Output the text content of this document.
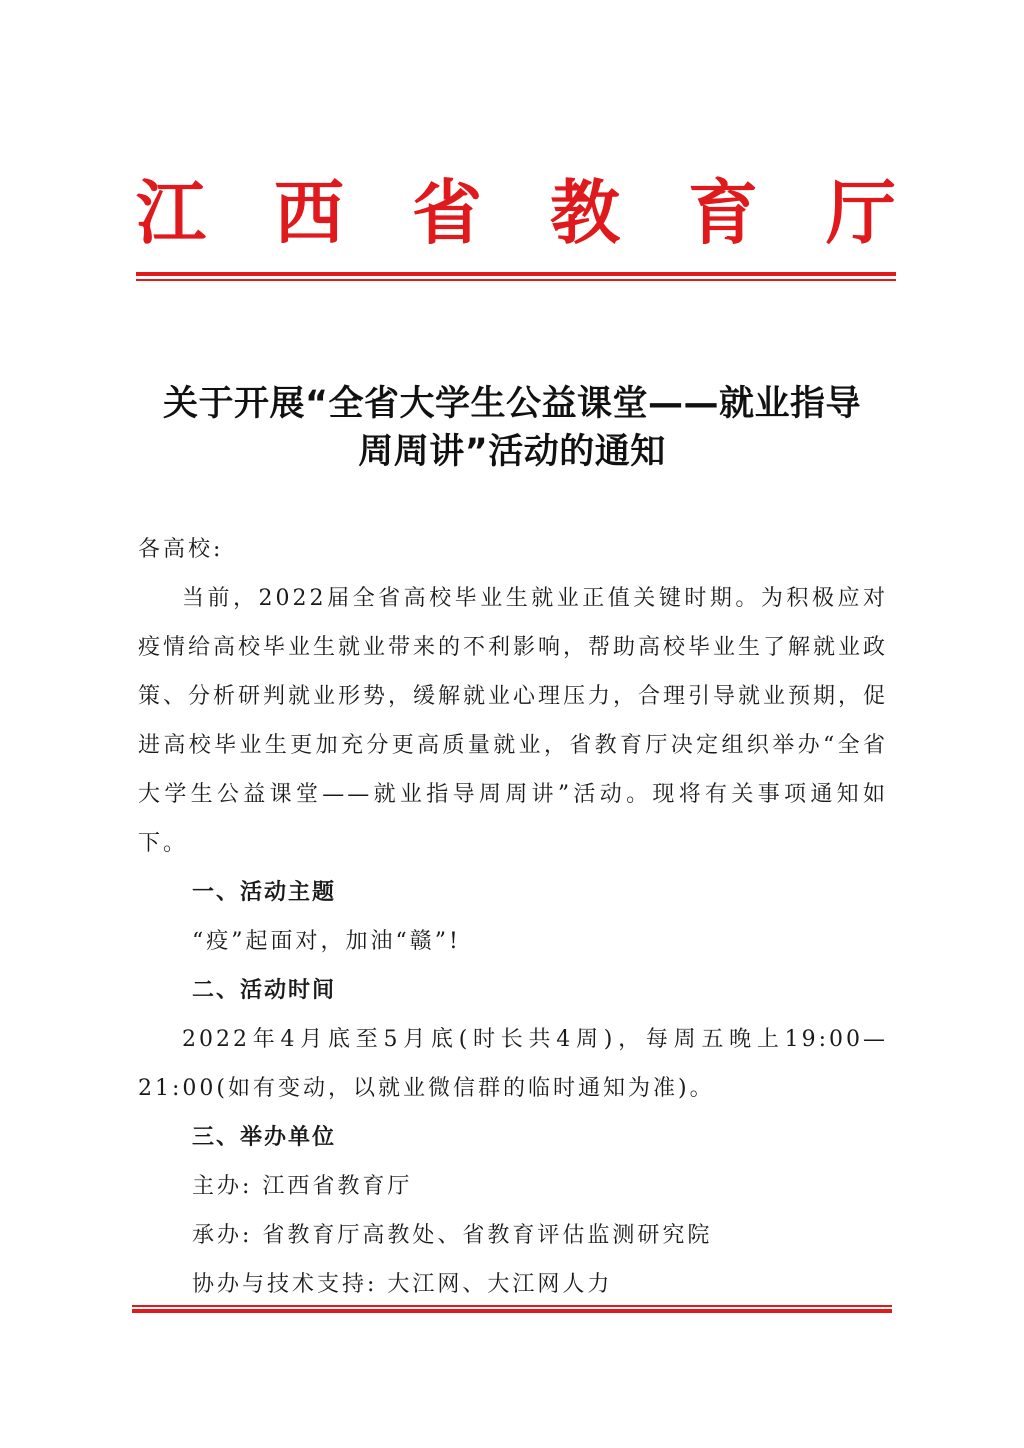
江 西 省 教 育 厅
关于开展“全省大学生公益课堂——就业指导
周周讲”活动的通知

各高校:

当前，2022届全省高校毕业生就业正值关键时期。为积极应对疫情给高校毕业生就业带来的不利影响，帮助高校毕业生了解就业政策、分析研判就业形势，缓解就业心理压力，合理引导就业预期，促进高校毕业生更加充分更高质量就业，省教育厅决定组织举办“全省大学生公益课堂——就业指导周周讲”活动。现将有关事项通知如下。

一、活动主题

“疫”起面对，加油“赣”!

二、活动时间

2022年4月底至5月底(时长共4周)，每周五晚上19:00—21:00(如有变动，以就业微信群的临时通知为准)。

三、举办单位

主办: 江西省教育厅

承办: 省教育厅高教处、省教育评估监测研究院

协办与技术支持: 大江网、大江网人力
